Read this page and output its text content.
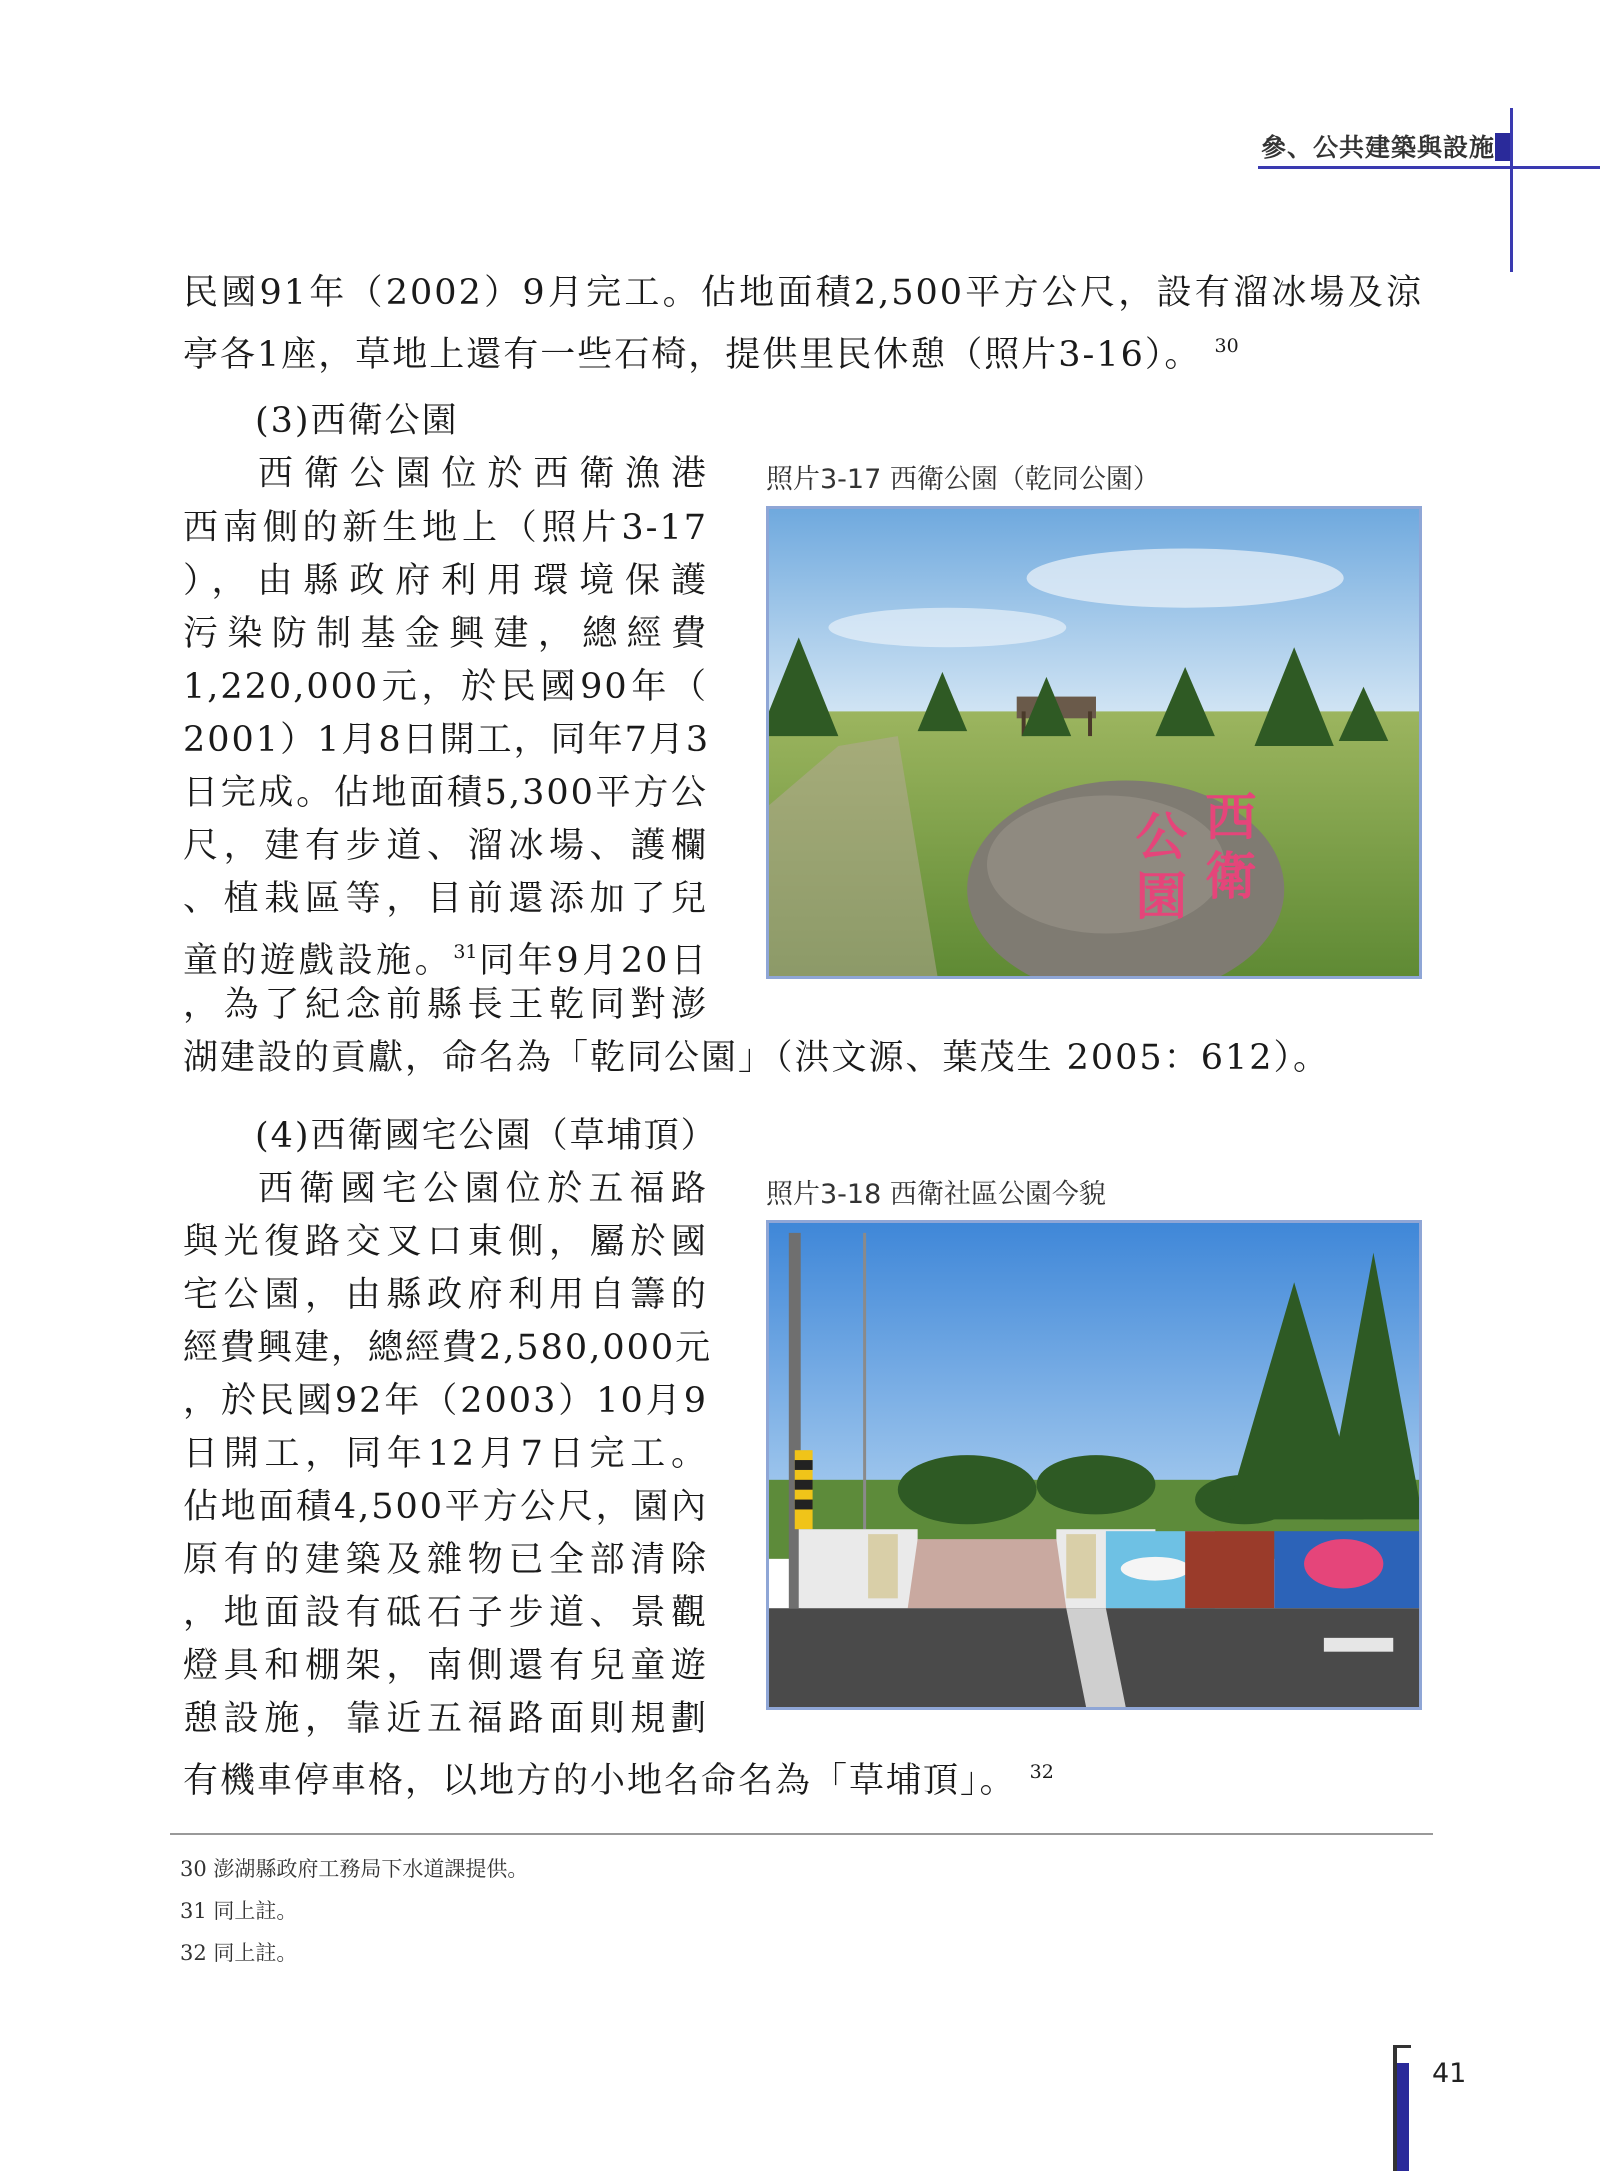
參、公共建築與設施
民國91年（2002）9月完工。佔地面積2,500平方公尺，設有溜冰場及涼
亭各1座，草地上還有一些石椅，提供里民休憩（照片3-16）。 $^{30}$
(3)西衛公園
西衛公園位於西衛漁港
西南側的新生地上（照片3-17
），由縣政府利用環境保護
污染防制基金興建，總經費
1,220,000元，於民國90年（
2001）1月8日開工，同年7月3
日完成。佔地面積5,300平方公
尺，建有步道、溜冰場、護欄
、植栽區等，目前還添加了兒
童的遊戲設施。$^{31}$同年9月20日
，為了紀念前縣長王乾同對澎
湖建設的貢獻，命名為「乾同公園」（洪文源、葉茂生 2005：612）。
照片3-17 西衛公園（乾同公園）
西
衛
公
園
(4)西衛國宅公園（草埔頂）
西衛國宅公園位於五福路
與光復路交叉口東側，屬於國
宅公園，由縣政府利用自籌的
經費興建，總經費2,580,000元
，於民國92年（2003）10月9
日開工，同年12月7日完工。
佔地面積4,500平方公尺，園內
原有的建築及雜物已全部清除
，地面設有砥石子步道、景觀
燈具和棚架，南側還有兒童遊
憩設施，靠近五福路面則規劃
有機車停車格，以地方的小地名命名為「草埔頂」。 $^{32}$
照片3-18 西衛社區公園今貌
30 澎湖縣政府工務局下水道課提供。
31 同上註。
32 同上註。
41
